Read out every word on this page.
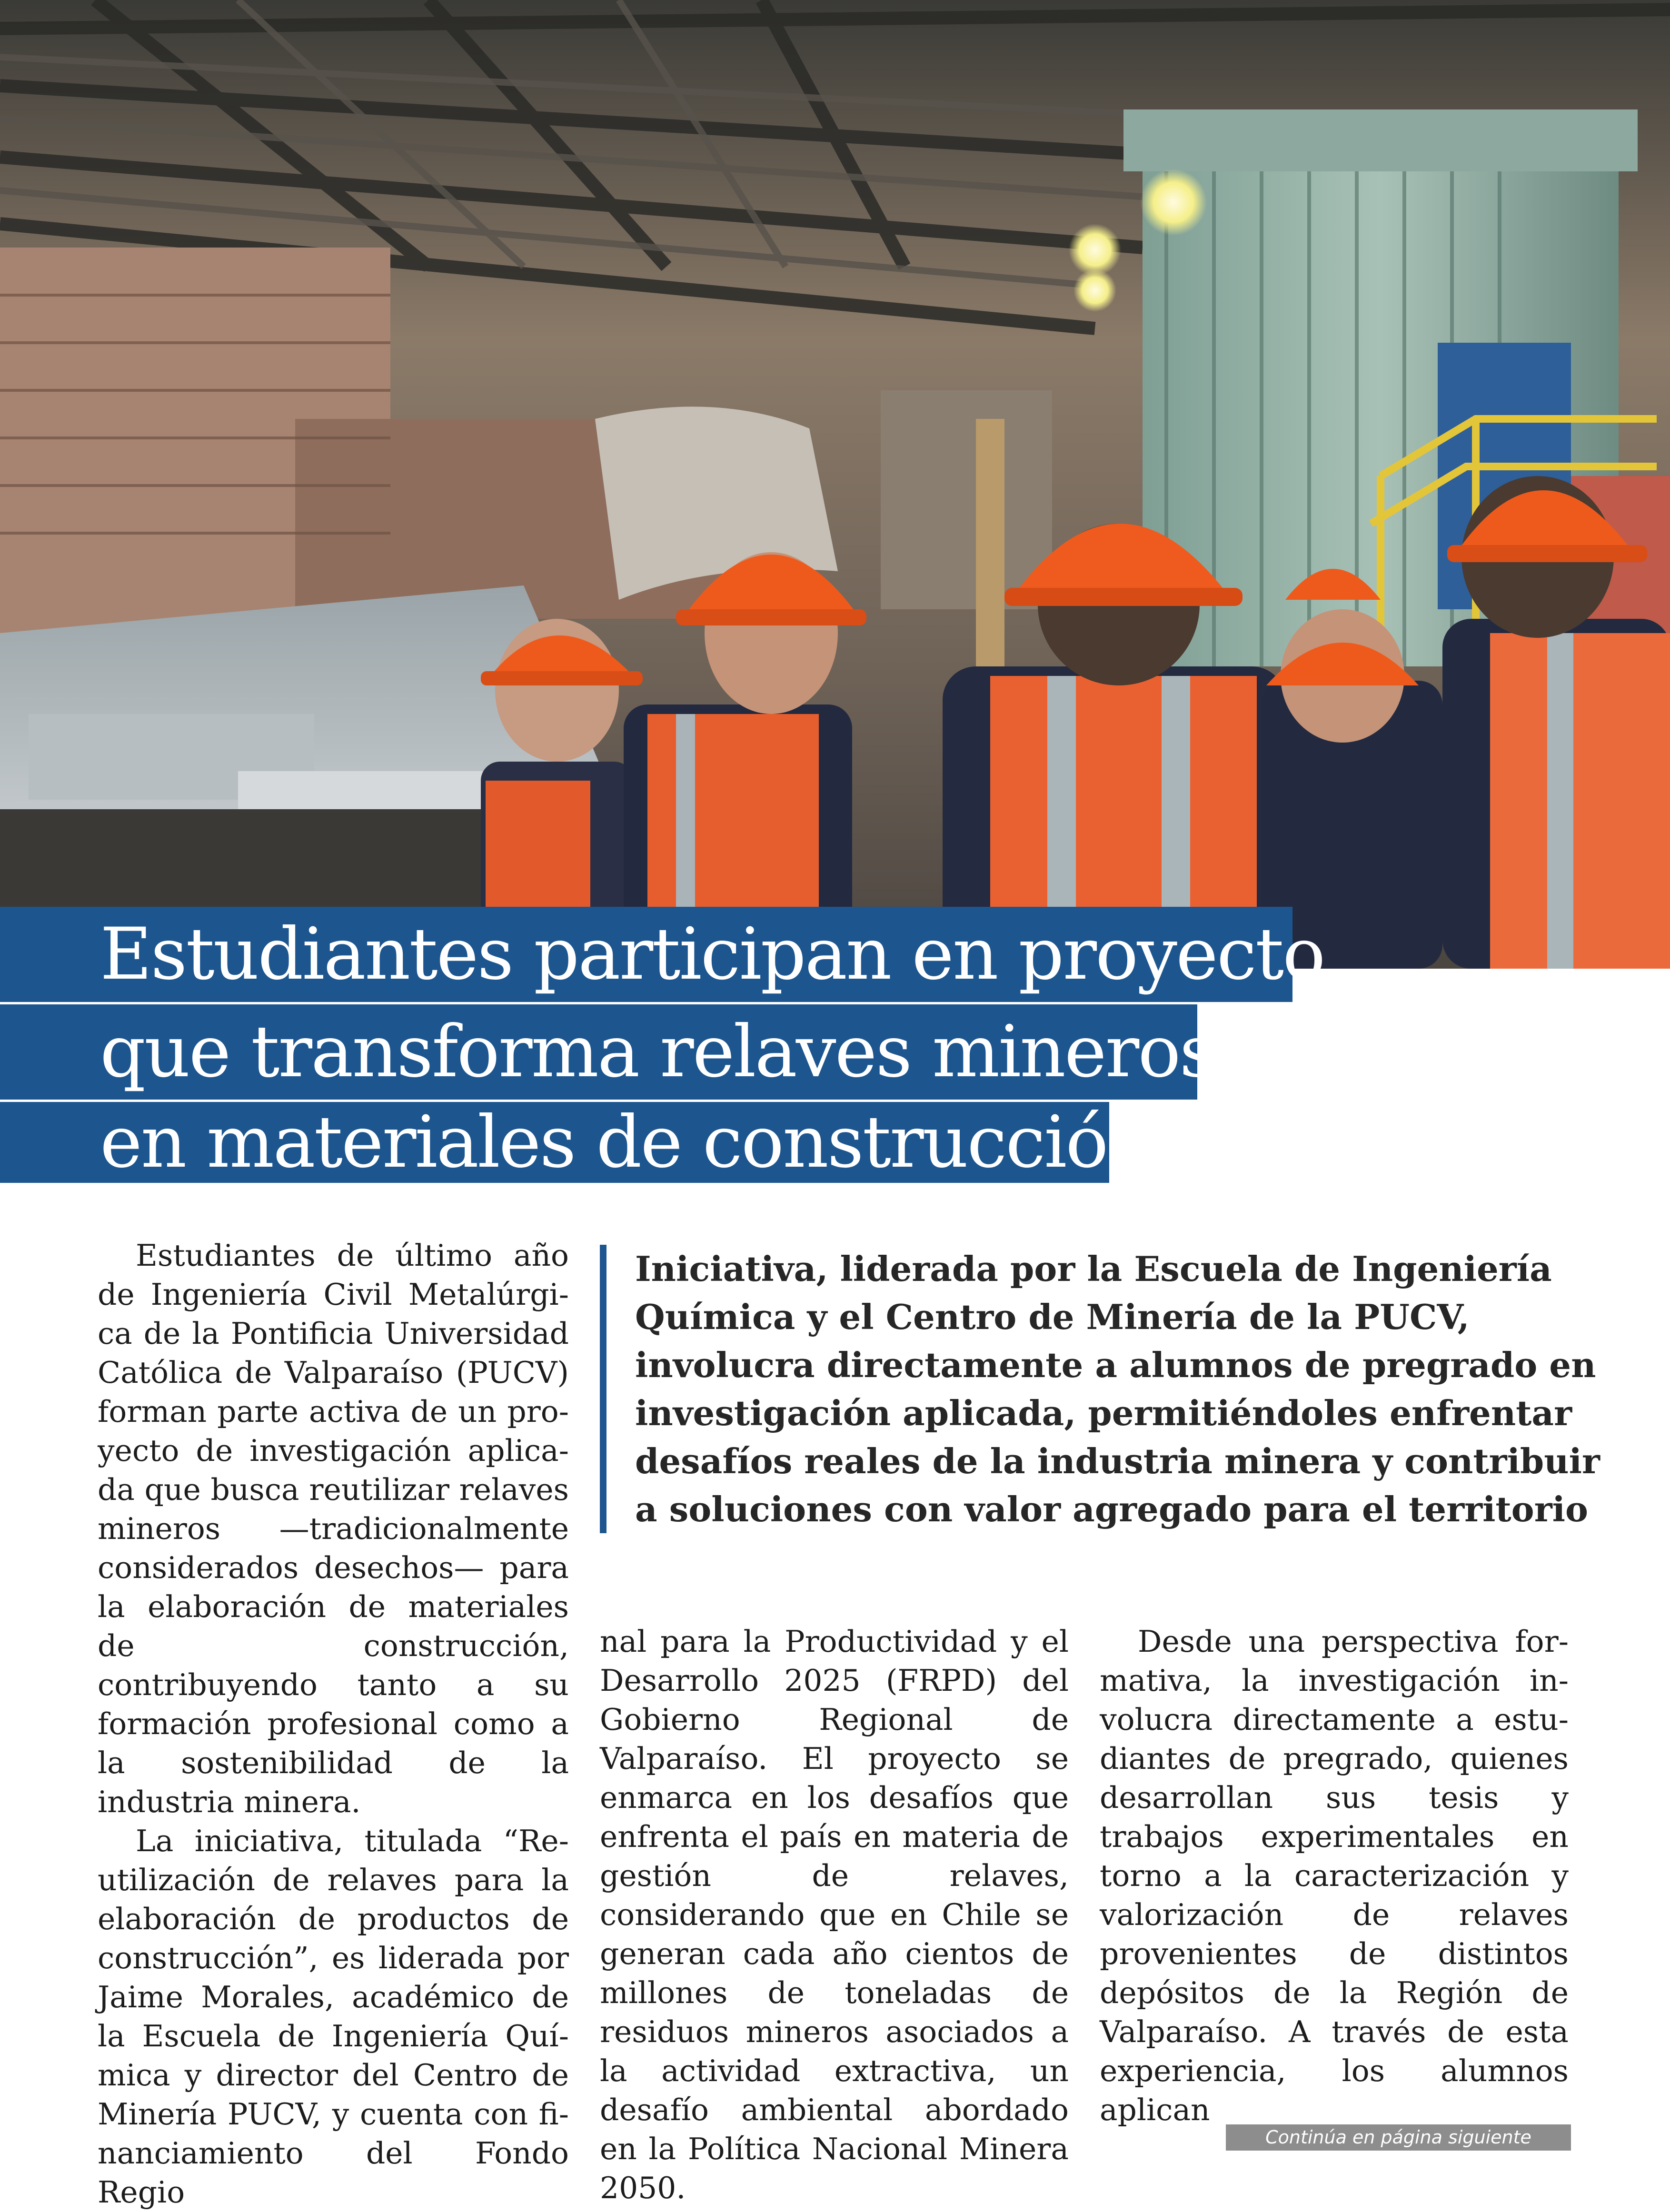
Estudiantes participan en proyecto
que transforma relaves mineros
en materiales de construcción
Iniciativa, liderada por la Escuela de Ingeniería
Química y el Centro de Minería de la PUCV,
involucra directamente a alumnos de pregrado en
investigación aplicada, permitiéndoles enfrentar
desafíos reales de la industria minera y contribuir
a soluciones con valor agregado para el territorio

Estudiantes de último año de Ingeniería Civil Metalúrgica de la Pontificia Universidad Católica de Valparaíso (PUCV) forman parte activa de un proyecto de investigación aplicada que busca reutilizar relaves mineros —tradicionalmente considerados desechos— para la elaboración de materiales de construcción, contribuyendo tanto a su formación profesional como a la sostenibilidad de la industria minera.

La iniciativa, titulada “Reutilización de relaves para la elaboración de productos de construcción”, es liderada por Jaime Morales, académico de la Escuela de Ingeniería Química y director del Centro de Minería PUCV, y cuenta con financiamiento del Fondo Regio

nal para la Productividad y el Desarrollo 2025 (FRPD) del Gobierno Regional de Valparaíso. El proyecto se enmarca en los desafíos que enfrenta el país en materia de gestión de relaves, considerando que en Chile se generan cada año cientos de millones de toneladas de residuos mineros asociados a la actividad extractiva, un desafío ambiental abordado en la Política Nacional Minera 2050.

Desde una perspectiva formativa, la investigación involucra directamente a estudiantes de pregrado, quienes desarrollan sus tesis y trabajos experimentales en torno a la caracterización y valorización de relaves provenientes de distintos depósitos de la Región de Valparaíso. A través de esta experiencia, los alumnos aplican

Continúa en página siguiente
